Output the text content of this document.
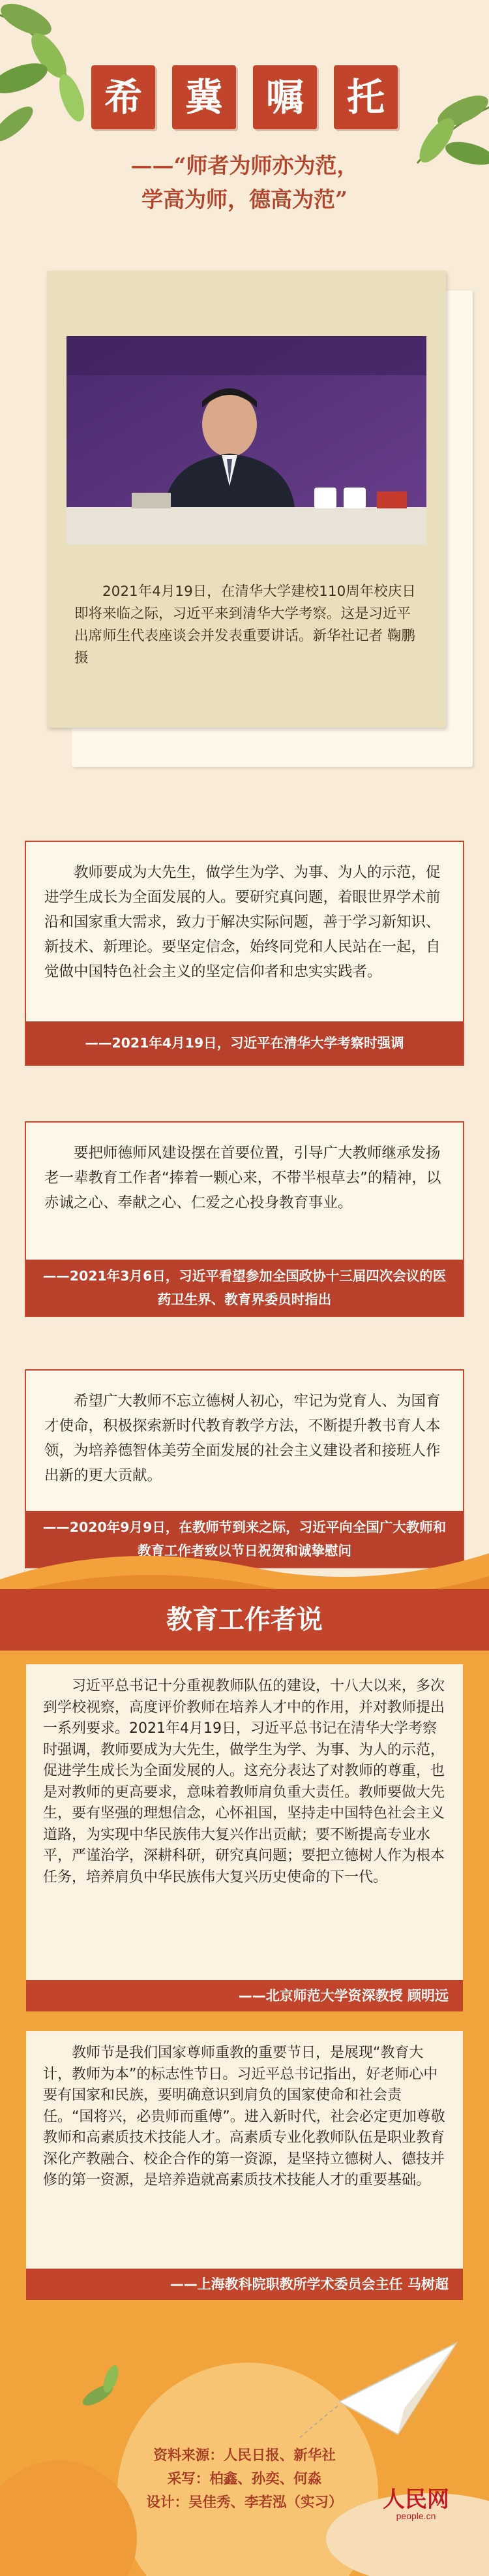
希	冀	嘱	托
——“师者为师亦为范，
学高为师，德高为范”
2021年4月19日，在清华大学建校110周年校庆日即将来临之际，习近平来到清华大学考察。这是习近平出席师生代表座谈会并发表重要讲话。新华社记者 鞠鹏 摄
教师要成为大先生，做学生为学、为事、为人的示范，促进学生成长为全面发展的人。要研究真问题，着眼世界学术前沿和国家重大需求，致力于解决实际问题，善于学习新知识、新技术、新理论。要坚定信念，始终同党和人民站在一起，自觉做中国特色社会主义的坚定信仰者和忠实实践者。
——2021年4月19日，习近平在清华大学考察时强调
要把师德师风建设摆在首要位置，引导广大教师继承发扬老一辈教育工作者“捧着一颗心来，不带半根草去”的精神，以赤诚之心、奉献之心、仁爱之心投身教育事业。
——2021年3月6日，习近平看望参加全国政协十三届四次会议的医药卫生界、教育界委员时指出
希望广大教师不忘立德树人初心，牢记为党育人、为国育才使命，积极探索新时代教育教学方法，不断提升教书育人本领，为培养德智体美劳全面发展的社会主义建设者和接班人作出新的更大贡献。
——2020年9月9日，在教师节到来之际，习近平向全国广大教师和教育工作者致以节日祝贺和诚挚慰问
教育工作者说
习近平总书记十分重视教师队伍的建设，十八大以来，多次到学校视察，高度评价教师在培养人才中的作用，并对教师提出一系列要求。2021年4月19日，习近平总书记在清华大学考察时强调，教师要成为大先生，做学生为学、为事、为人的示范，促进学生成长为全面发展的人。这充分表达了对教师的尊重，也是对教师的更高要求，意味着教师肩负重大责任。教师要做大先生，要有坚强的理想信念，心怀祖国，坚持走中国特色社会主义道路，为实现中华民族伟大复兴作出贡献；要不断提高专业水平，严谨治学，深耕科研，研究真问题；要把立德树人作为根本任务，培养肩负中华民族伟大复兴历史使命的下一代。
——北京师范大学资深教授 顾明远
教师节是我们国家尊师重教的重要节日，是展现“教育大计，教师为本”的标志性节日。习近平总书记指出，好老师心中要有国家和民族，要明确意识到肩负的国家使命和社会责任。“国将兴，必贵师而重傅”。进入新时代，社会必定更加尊敬教师和高素质技术技能人才。高素质专业化教师队伍是职业教育深化产教融合、校企合作的第一资源，是坚持立德树人、德技并修的第一资源，是培养造就高素质技术技能人才的重要基础。
——上海教科院职教所学术委员会主任 马树超
资料来源：人民日报、新华社
采写：柏鑫、孙奕、何淼
设计：吴佳秀、李若泓（实习）	人民网
people.cn
